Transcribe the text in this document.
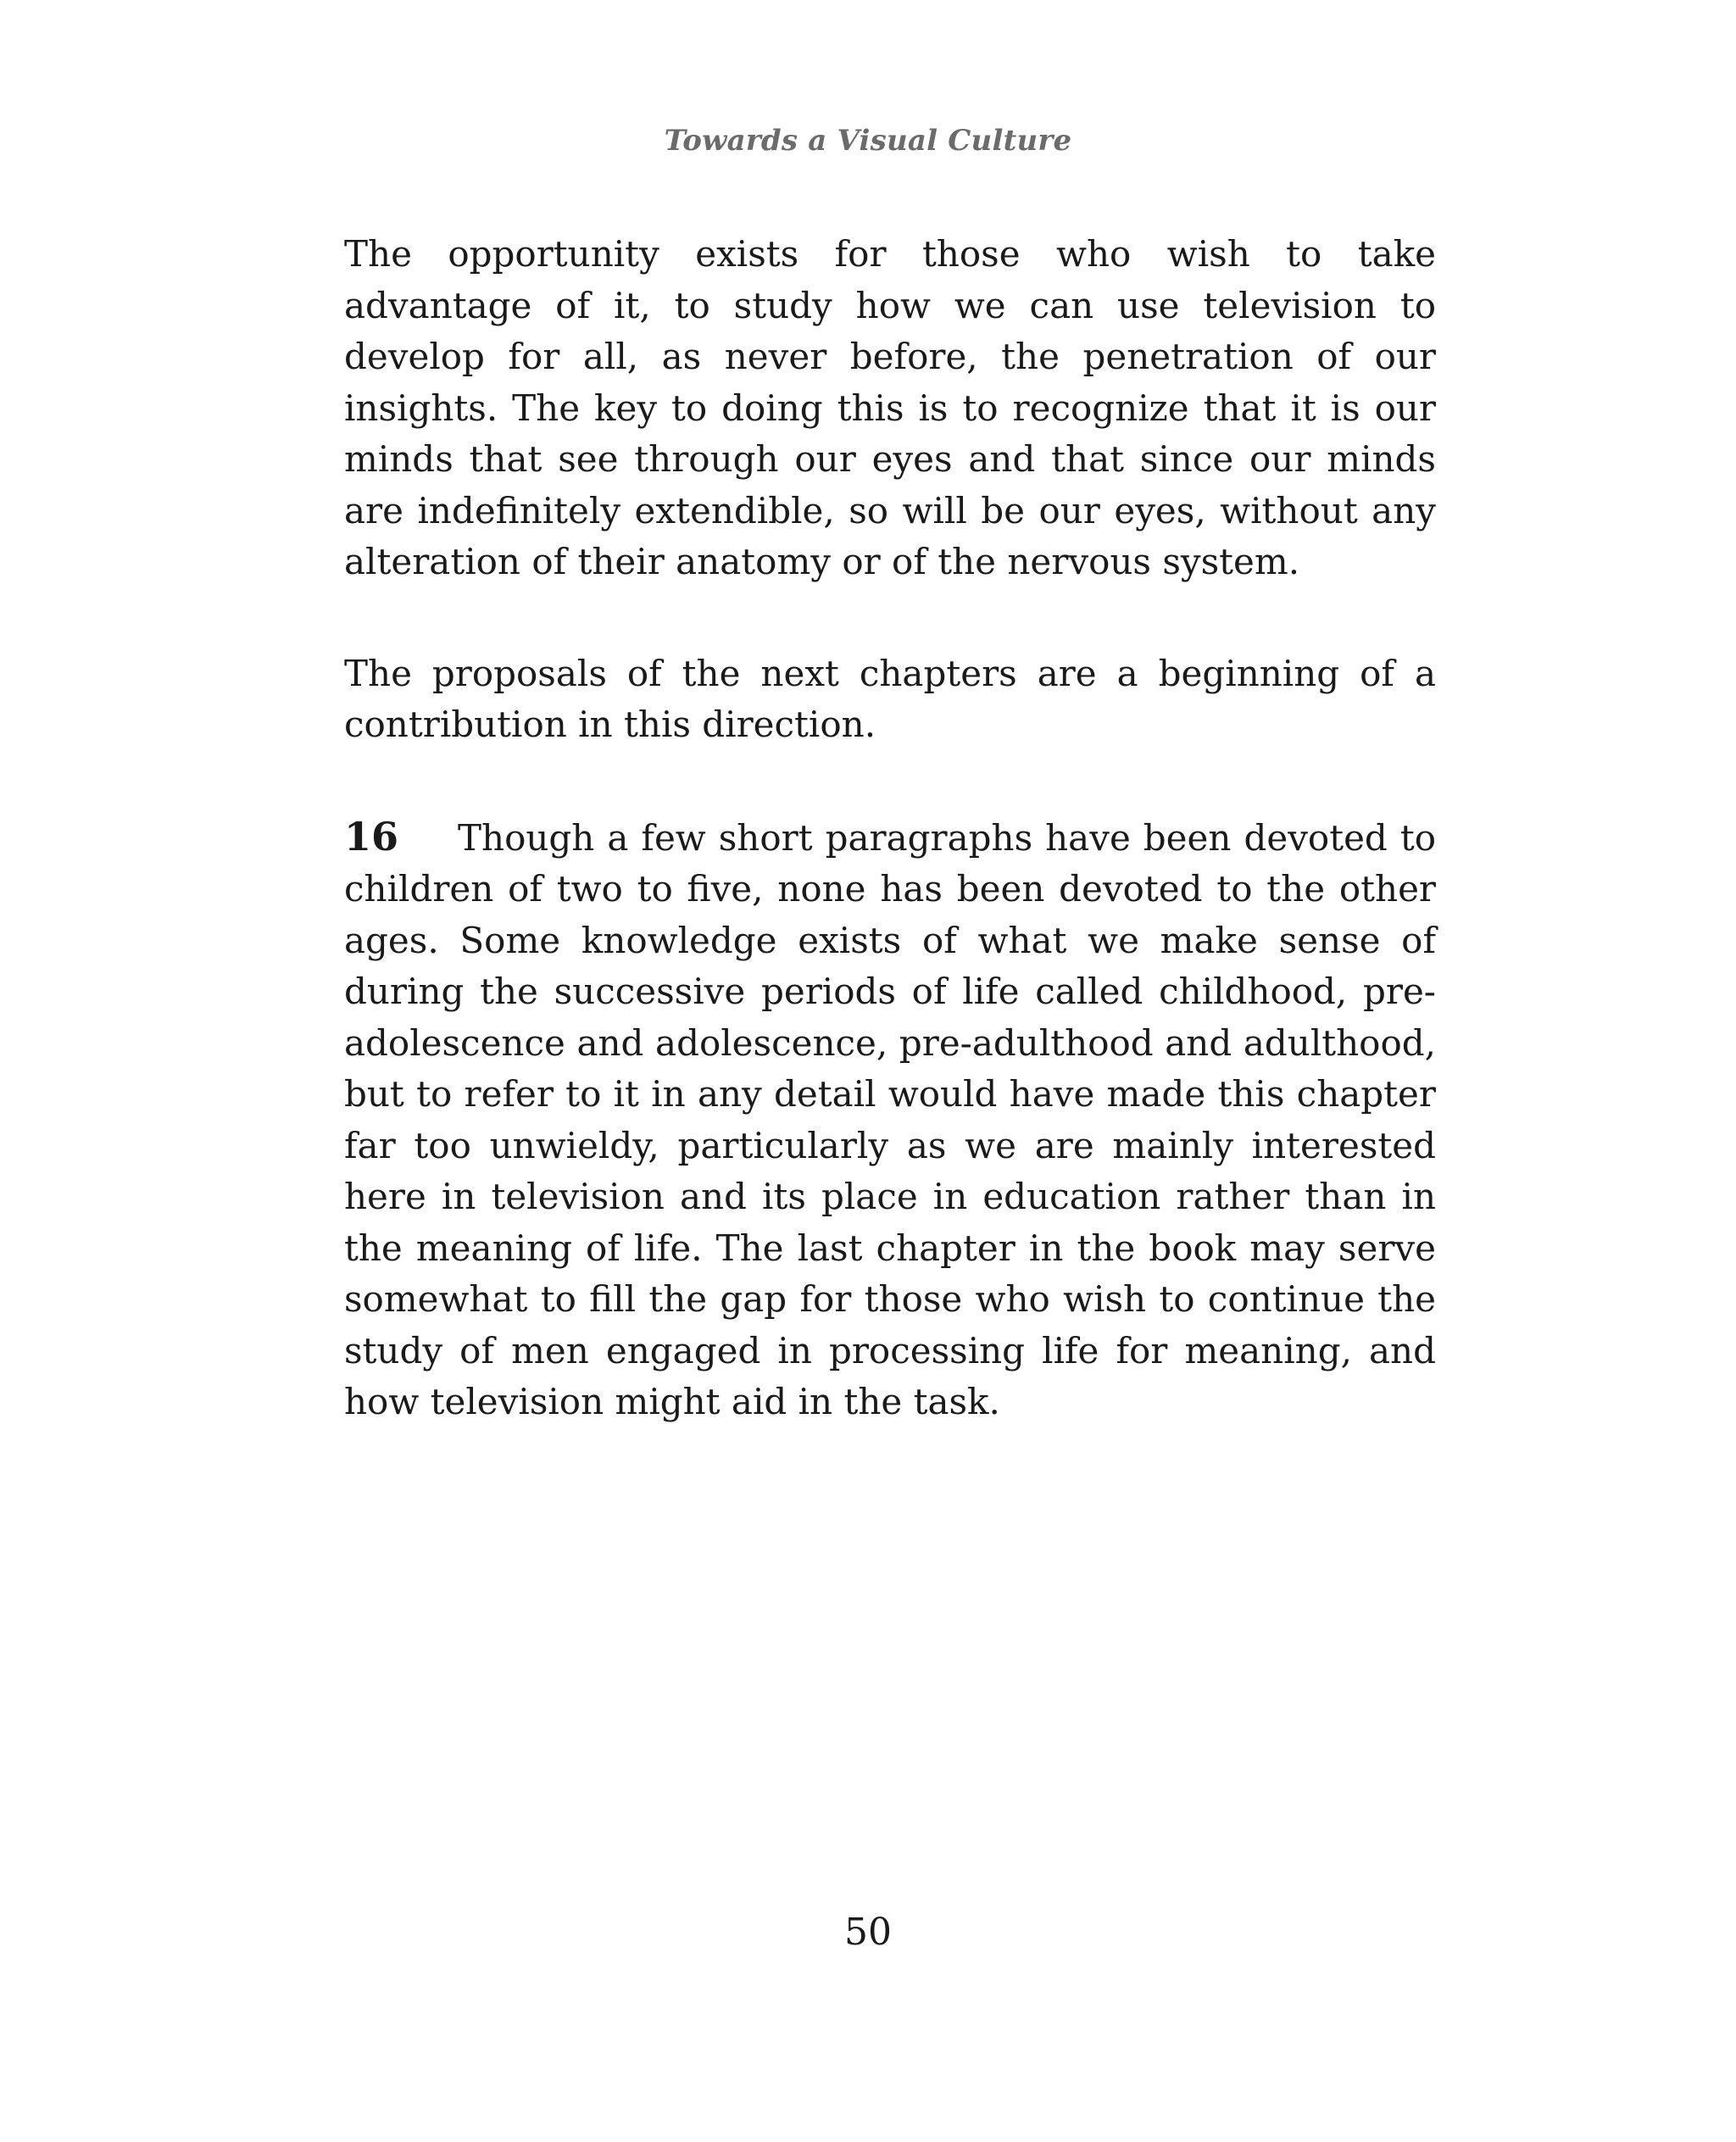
Towards a Visual Culture

The opportunity exists for those who wish to take advantage of it, to study how we can use television to develop for all, as never before, the penetration of our insights. The key to doing this is to recognize that it is our minds that see through our eyes and that since our minds are indefinitely extendible, so will be our eyes, without any alteration of their anatomy or of the nervous system.

The proposals of the next chapters are a beginning of a contribution in this direction.

16 Though a few short paragraphs have been devoted to children of two to five, none has been devoted to the other ages. Some knowledge exists of what we make sense of during the successive periods of life called childhood, pre-adolescence and adolescence, pre-adulthood and adulthood, but to refer to it in any detail would have made this chapter far too unwieldy, particularly as we are mainly interested here in television and its place in education rather than in the meaning of life. The last chapter in the book may serve somewhat to fill the gap for those who wish to continue the study of men engaged in processing life for meaning, and how television might aid in the task.

50
